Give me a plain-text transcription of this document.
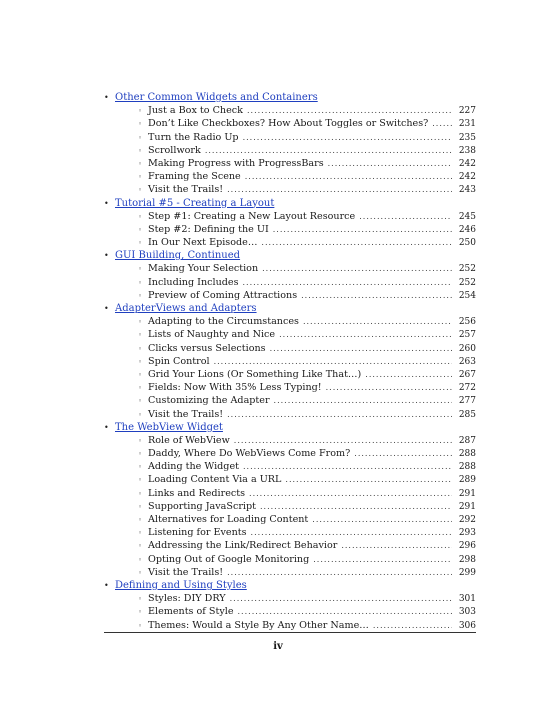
• Other Common Widgets and Containers
◦ Just a Box to Check .....	227
◦ Don’t Like Checkboxes? How About Toggles or Switches? .....	231
◦ Turn the Radio Up .....	235
◦ Scrollwork .....	238
◦ Making Progress with ProgressBars .....	242
◦ Framing the Scene .....	242
◦ Visit the Trails! .....	243
• Tutorial #5 - Creating a Layout
◦ Step #1: Creating a New Layout Resource .....	245
◦ Step #2: Defining the UI .....	246
◦ In Our Next Episode… .....	250
• GUI Building, Continued
◦ Making Your Selection .....	252
◦ Including Includes .....	252
◦ Preview of Coming Attractions .....	254
• AdapterViews and Adapters
◦ Adapting to the Circumstances .....	256
◦ Lists of Naughty and Nice .....	257
◦ Clicks versus Selections .....	260
◦ Spin Control .....	263
◦ Grid Your Lions (Or Something Like That…) .....	267
◦ Fields: Now With 35% Less Typing! .....	272
◦ Customizing the Adapter .....	277
◦ Visit the Trails! .....	285
• The WebView Widget
◦ Role of WebView .....	287
◦ Daddy, Where Do WebViews Come From? .....	288
◦ Adding the Widget .....	288
◦ Loading Content Via a URL .....	289
◦ Links and Redirects .....	291
◦ Supporting JavaScript .....	291
◦ Alternatives for Loading Content .....	292
◦ Listening for Events .....	293
◦ Addressing the Link/Redirect Behavior .....	296
◦ Opting Out of Google Monitoring .....	298
◦ Visit the Trails! .....	299
• Defining and Using Styles
◦ Styles: DIY DRY .....	301
◦ Elements of Style .....	303
◦ Themes: Would a Style By Any Other Name… .....	306
iv
